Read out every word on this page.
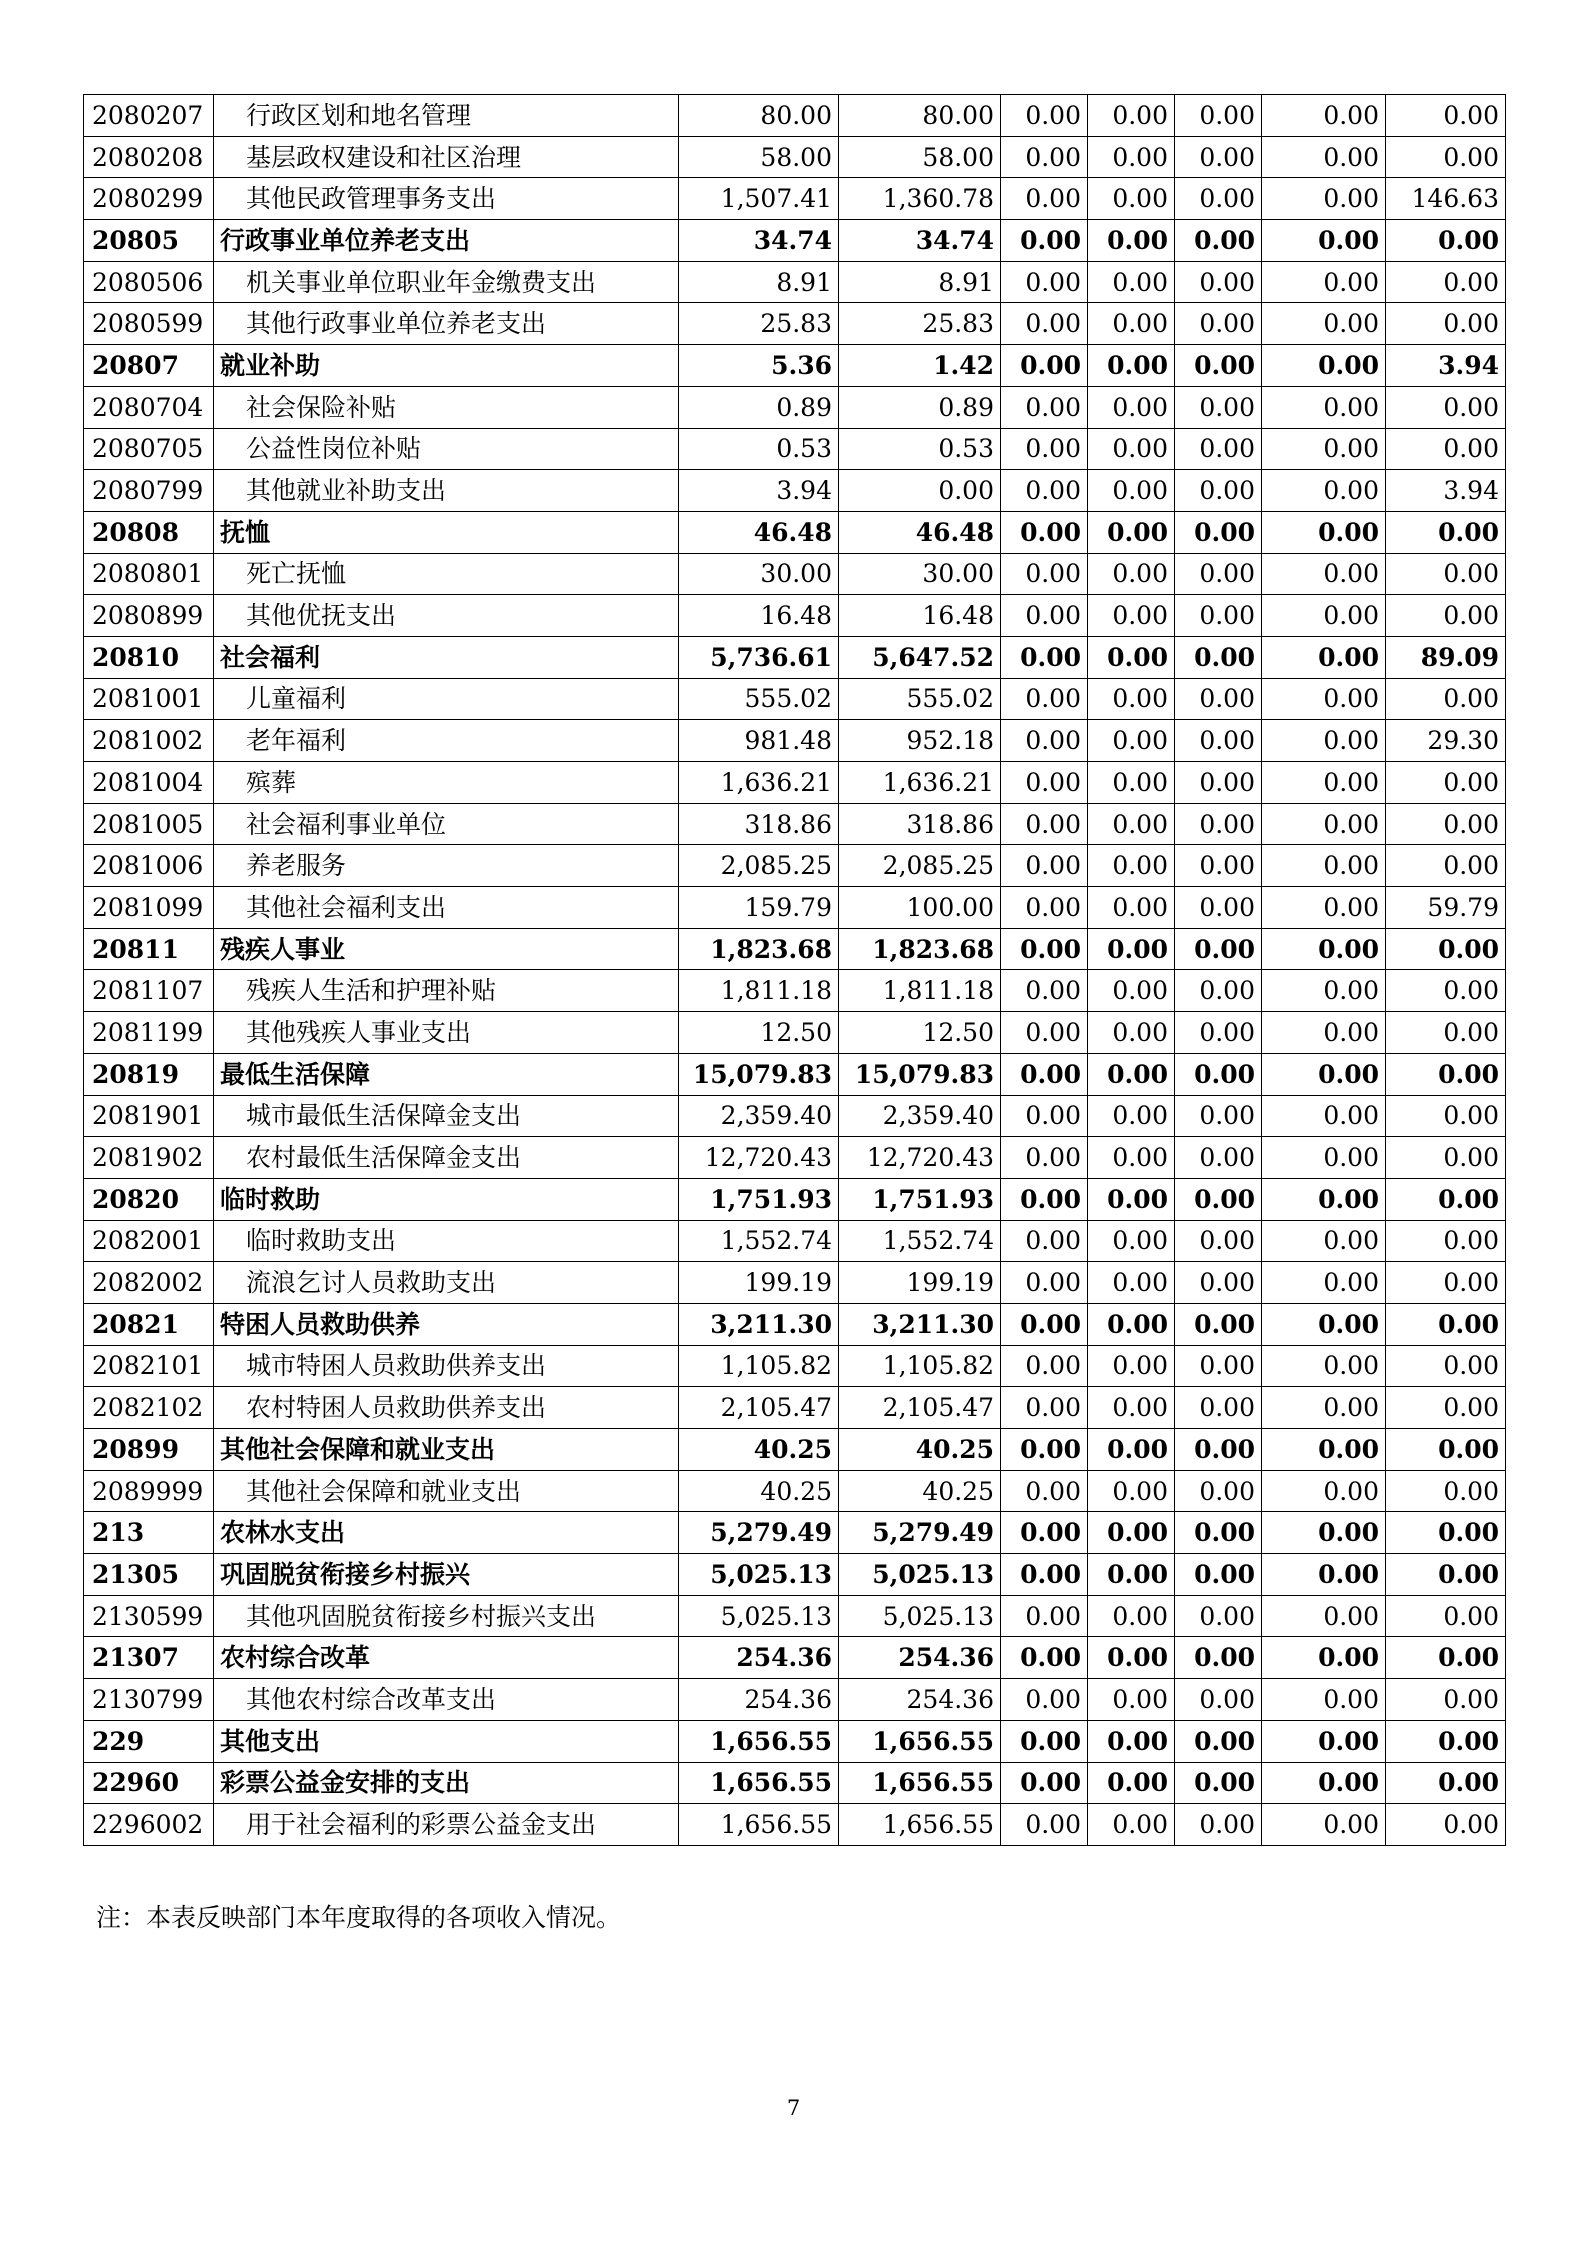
2080207	行政区划和地名管理	80.00	80.00	0.00	0.00	0.00	0.00	0.00
2080208	基层政权建设和社区治理	58.00	58.00	0.00	0.00	0.00	0.00	0.00
2080299	其他民政管理事务支出	1,507.41	1,360.78	0.00	0.00	0.00	0.00	146.63
20805	行政事业单位养老支出	34.74	34.74	0.00	0.00	0.00	0.00	0.00
2080506	机关事业单位职业年金缴费支出	8.91	8.91	0.00	0.00	0.00	0.00	0.00
2080599	其他行政事业单位养老支出	25.83	25.83	0.00	0.00	0.00	0.00	0.00
20807	就业补助	5.36	1.42	0.00	0.00	0.00	0.00	3.94
2080704	社会保险补贴	0.89	0.89	0.00	0.00	0.00	0.00	0.00
2080705	公益性岗位补贴	0.53	0.53	0.00	0.00	0.00	0.00	0.00
2080799	其他就业补助支出	3.94	0.00	0.00	0.00	0.00	0.00	3.94
20808	抚恤	46.48	46.48	0.00	0.00	0.00	0.00	0.00
2080801	死亡抚恤	30.00	30.00	0.00	0.00	0.00	0.00	0.00
2080899	其他优抚支出	16.48	16.48	0.00	0.00	0.00	0.00	0.00
20810	社会福利	5,736.61	5,647.52	0.00	0.00	0.00	0.00	89.09
2081001	儿童福利	555.02	555.02	0.00	0.00	0.00	0.00	0.00
2081002	老年福利	981.48	952.18	0.00	0.00	0.00	0.00	29.30
2081004	殡葬	1,636.21	1,636.21	0.00	0.00	0.00	0.00	0.00
2081005	社会福利事业单位	318.86	318.86	0.00	0.00	0.00	0.00	0.00
2081006	养老服务	2,085.25	2,085.25	0.00	0.00	0.00	0.00	0.00
2081099	其他社会福利支出	159.79	100.00	0.00	0.00	0.00	0.00	59.79
20811	残疾人事业	1,823.68	1,823.68	0.00	0.00	0.00	0.00	0.00
2081107	残疾人生活和护理补贴	1,811.18	1,811.18	0.00	0.00	0.00	0.00	0.00
2081199	其他残疾人事业支出	12.50	12.50	0.00	0.00	0.00	0.00	0.00
20819	最低生活保障	15,079.83	15,079.83	0.00	0.00	0.00	0.00	0.00
2081901	城市最低生活保障金支出	2,359.40	2,359.40	0.00	0.00	0.00	0.00	0.00
2081902	农村最低生活保障金支出	12,720.43	12,720.43	0.00	0.00	0.00	0.00	0.00
20820	临时救助	1,751.93	1,751.93	0.00	0.00	0.00	0.00	0.00
2082001	临时救助支出	1,552.74	1,552.74	0.00	0.00	0.00	0.00	0.00
2082002	流浪乞讨人员救助支出	199.19	199.19	0.00	0.00	0.00	0.00	0.00
20821	特困人员救助供养	3,211.30	3,211.30	0.00	0.00	0.00	0.00	0.00
2082101	城市特困人员救助供养支出	1,105.82	1,105.82	0.00	0.00	0.00	0.00	0.00
2082102	农村特困人员救助供养支出	2,105.47	2,105.47	0.00	0.00	0.00	0.00	0.00
20899	其他社会保障和就业支出	40.25	40.25	0.00	0.00	0.00	0.00	0.00
2089999	其他社会保障和就业支出	40.25	40.25	0.00	0.00	0.00	0.00	0.00
213	农林水支出	5,279.49	5,279.49	0.00	0.00	0.00	0.00	0.00
21305	巩固脱贫衔接乡村振兴	5,025.13	5,025.13	0.00	0.00	0.00	0.00	0.00
2130599	其他巩固脱贫衔接乡村振兴支出	5,025.13	5,025.13	0.00	0.00	0.00	0.00	0.00
21307	农村综合改革	254.36	254.36	0.00	0.00	0.00	0.00	0.00
2130799	其他农村综合改革支出	254.36	254.36	0.00	0.00	0.00	0.00	0.00
229	其他支出	1,656.55	1,656.55	0.00	0.00	0.00	0.00	0.00
22960	彩票公益金安排的支出	1,656.55	1,656.55	0.00	0.00	0.00	0.00	0.00
2296002	用于社会福利的彩票公益金支出	1,656.55	1,656.55	0.00	0.00	0.00	0.00	0.00
注：本表反映部门本年度取得的各项收入情况。
7
